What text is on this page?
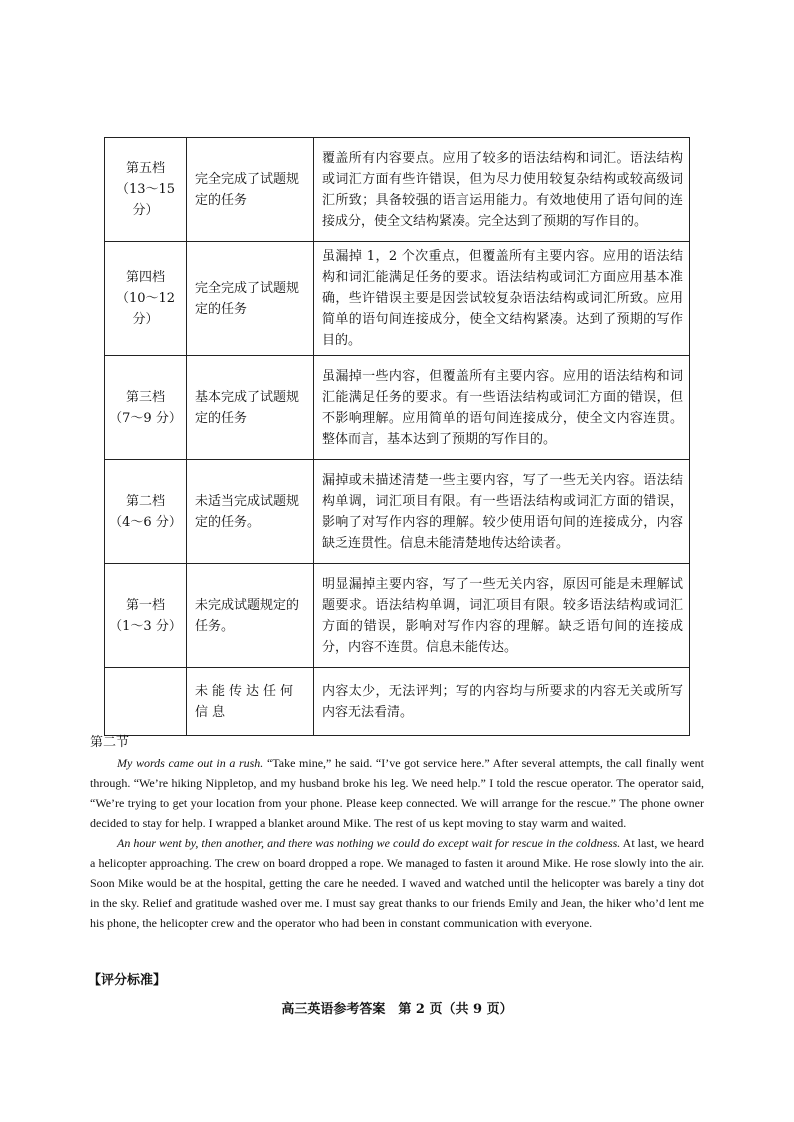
第五档
（13～15 分）	完全完成了试题规定的任务	覆盖所有内容要点。应用了较多的语法结构和词汇。语法结构或词汇方面有些许错误，但为尽力使用较复杂结构或较高级词汇所致；具备较强的语言运用能力。有效地使用了语句间的连接成分，使全文结构紧凑。完全达到了预期的写作目的。

第四档
（10～12 分）	完全完成了试题规定的任务	虽漏掉 1，2 个次重点，但覆盖所有主要内容。应用的语法结构和词汇能满足任务的要求。语法结构或词汇方面应用基本准确，些许错误主要是因尝试较复杂语法结构或词汇所致。应用简单的语句间连接成分，使全文结构紧凑。达到了预期的写作目的。

第三档
（7～9 分）	基本完成了试题规定的任务	虽漏掉一些内容，但覆盖所有主要内容。应用的语法结构和词汇能满足任务的要求。有一些语法结构或词汇方面的错误，但不影响理解。应用简单的语句间连接成分，使全文内容连贯。整体而言，基本达到了预期的写作目的。

第二档
（4～6 分）	未适当完成试题规定的任务。	漏掉或未描述清楚一些主要内容，写了一些无关内容。语法结构单调，词汇项目有限。有一些语法结构或词汇方面的错误，影响了对写作内容的理解。较少使用语句间的连接成分，内容缺乏连贯性。信息未能清楚地传达给读者。

第一档
（1～3 分）	未完成试题规定的任务。	明显漏掉主要内容，写了一些无关内容，原因可能是未理解试题要求。语法结构单调，词汇项目有限。较多语法结构或词汇方面的错误，影响对写作内容的理解。缺乏语句间的连接成分，内容不连贯。信息未能传达。

	未能传达任何信息	内容太少，无法评判；写的内容均与所要求的内容无关或所写内容无法看清。
第二节

My words came out in a rush. “Take mine,” he said. “I’ve got service here.” After several attempts, the call finally went through. “We’re hiking Nippletop, and my husband broke his leg. We need help.” I told the rescue operator. The operator said, “We’re trying to get your location from your phone. Please keep connected. We will arrange for the rescue.” The phone owner decided to stay for help. I wrapped a blanket around Mike. The rest of us kept moving to stay warm and waited.

An hour went by, then another, and there was nothing we could do except wait for rescue in the coldness. At last, we heard a helicopter approaching. The crew on board dropped a rope. We managed to fasten it around Mike. He rose slowly into the air. Soon Mike would be at the hospital, getting the care he needed. I waved and watched until the helicopter was barely a tiny dot in the sky. Relief and gratitude washed over me. I must say great thanks to our friends Emily and Jean, the hiker who’d lent me his phone, the helicopter crew and the operator who had been in constant communication with everyone.

【评分标准】
高三英语参考答案　第 2 页（共 9 页）
